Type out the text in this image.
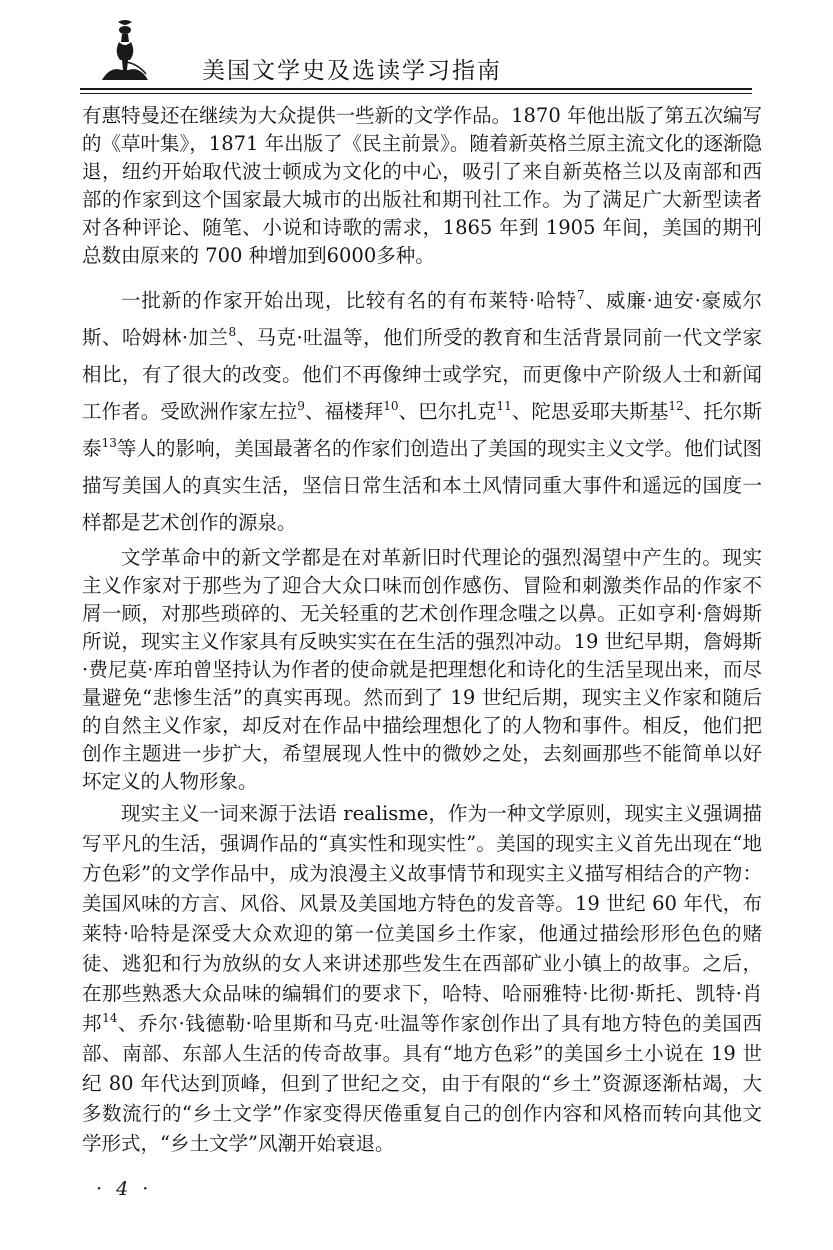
美国文学史及选读学习指南

有惠特曼还在继续为大众提供一些新的文学作品。1870 年他出版了第五次编写的《草叶集》，1871 年出版了《民主前景》。随着新英格兰原主流文化的逐渐隐退，纽约开始取代波士顿成为文化的中心，吸引了来自新英格兰以及南部和西部的作家到这个国家最大城市的出版社和期刊社工作。为了满足广大新型读者对各种评论、随笔、小说和诗歌的需求，1865 年到 1905 年间，美国的期刊总数由原来的 700 种增加到6000多种。

一批新的作家开始出现，比较有名的有布莱特·哈特$^7$、威廉·迪安·豪威尔斯、哈姆林·加兰$^8$、马克·吐温等，他们所受的教育和生活背景同前一代文学家相比，有了很大的改变。他们不再像绅士或学究，而更像中产阶级人士和新闻工作者。受欧洲作家左拉$^9$、福楼拜$^{10}$、巴尔扎克$^{11}$、陀思妥耶夫斯基$^{12}$、托尔斯泰$^{13}$等人的影响，美国最著名的作家们创造出了美国的现实主义文学。他们试图描写美国人的真实生活，坚信日常生活和本土风情同重大事件和遥远的国度一样都是艺术创作的源泉。

文学革命中的新文学都是在对革新旧时代理论的强烈渴望中产生的。现实主义作家对于那些为了迎合大众口味而创作感伤、冒险和刺激类作品的作家不屑一顾，对那些琐碎的、无关轻重的艺术创作理念嗤之以鼻。正如亨利·詹姆斯所说，现实主义作家具有反映实实在在生活的强烈冲动。19 世纪早期，詹姆斯·费尼莫·库珀曾坚持认为作者的使命就是把理想化和诗化的生活呈现出来，而尽量避免“悲惨生活”的真实再现。然而到了 19 世纪后期，现实主义作家和随后的自然主义作家，却反对在作品中描绘理想化了的人物和事件。相反，他们把创作主题进一步扩大，希望展现人性中的微妙之处，去刻画那些不能简单以好坏定义的人物形象。

现实主义一词来源于法语 realisme，作为一种文学原则，现实主义强调描写平凡的生活，强调作品的“真实性和现实性”。美国的现实主义首先出现在“地方色彩”的文学作品中，成为浪漫主义故事情节和现实主义描写相结合的产物：美国风味的方言、风俗、风景及美国地方特色的发音等。19 世纪 60 年代，布莱特·哈特是深受大众欢迎的第一位美国乡土作家，他通过描绘形形色色的赌徒、逃犯和行为放纵的女人来讲述那些发生在西部矿业小镇上的故事。之后，在那些熟悉大众品味的编辑们的要求下，哈特、哈丽雅特·比彻·斯托、凯特·肖邦$^{14}$、乔尔·钱德勒·哈里斯和马克·吐温等作家创作出了具有地方特色的美国西部、南部、东部人生活的传奇故事。具有“地方色彩”的美国乡土小说在 19 世纪 80 年代达到顶峰，但到了世纪之交，由于有限的“乡土”资源逐渐枯竭，大多数流行的“乡土文学”作家变得厌倦重复自己的创作内容和风格而转向其他文学形式，“乡土文学”风潮开始衰退。

· 4 ·
